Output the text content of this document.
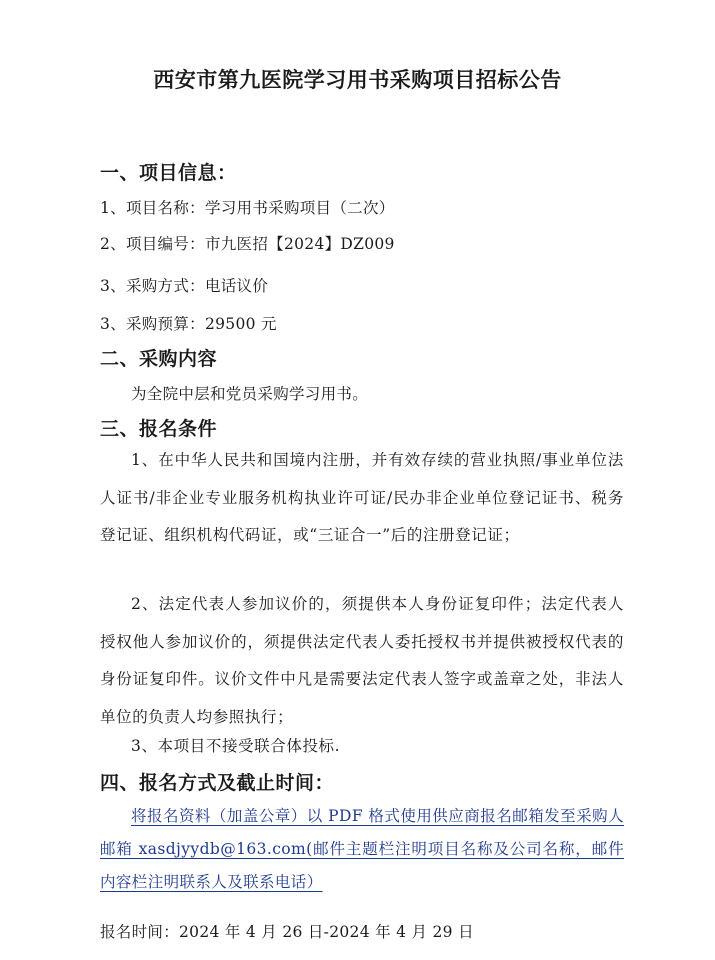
西安市第九医院学习用书采购项目招标公告
一、项目信息：
1、项目名称：学习用书采购项目（二次）
2、项目编号：市九医招【2024】DZ009
3、采购方式：电话议价
3、采购预算：29500 元
二、采购内容
为全院中层和党员采购学习用书。
三、报名条件

1、在中华人民共和国境内注册，并有效存续的营业执照/事业单位法人证书/非企业专业服务机构执业许可证/民办非企业单位登记证书、税务登记证、组织机构代码证，或“三证合一”后的注册登记证；

2、法定代表人参加议价的，须提供本人身份证复印件；法定代表人授权他人参加议价的，须提供法定代表人委托授权书并提供被授权代表的身份证复印件。议价文件中凡是需要法定代表人签字或盖章之处，非法人单位的负责人均参照执行；

3、本项目不接受联合体投标.

四、报名方式及截止时间：

将报名资料（加盖公章）以 PDF 格式使用供应商报名邮箱发至采购人邮箱 xasdjyydb@163.com(邮件主题栏注明项目名称及公司名称，邮件内容栏注明联系人及联系电话）

报名时间：2024 年 4 月 26 日-2024 年 4 月 29 日
